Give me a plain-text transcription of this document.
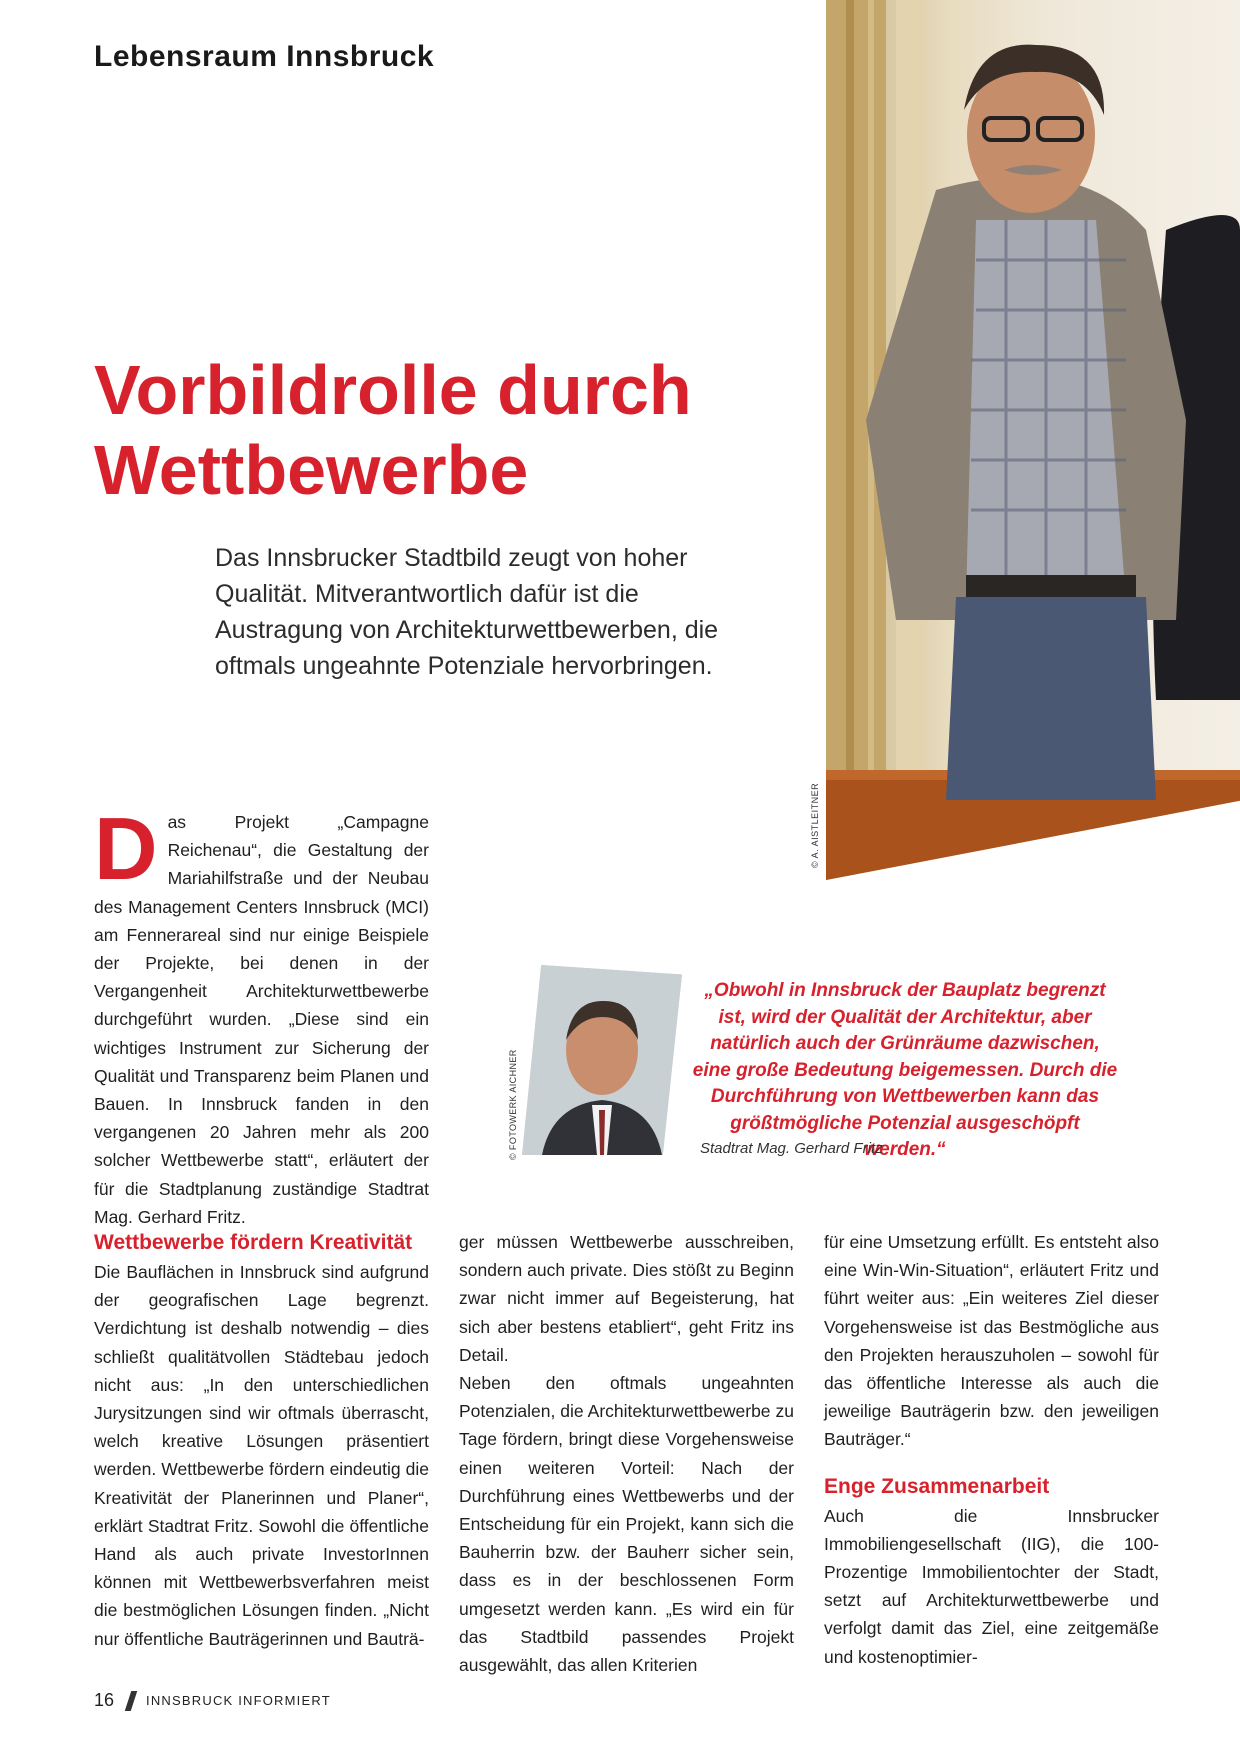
Lebensraum Innsbruck
Vorbildrolle durch
Wettbewerbe
Das Innsbrucker Stadtbild zeugt von hoher Qualität. Mitverantwortlich dafür ist die Austragung von Architekturwettbewerben, die oftmals ungeahnte Potenziale hervorbringen.
© A. AISTLEITNER
Das Projekt „Campagne Reichenau“, die Gestaltung der Mariahilfstraße und der Neubau des Management Centers Innsbruck (MCI) am Fennerareal sind nur einige Beispiele der Projekte, bei denen in der Vergangenheit Architekturwettbewerbe durchgeführt wurden. „Diese sind ein wichtiges Instrument zur Sicherung der Qualität und Transparenz beim Planen und Bauen. In Innsbruck fanden in den vergangenen 20 Jahren mehr als 200 solcher Wettbewerbe statt“, erläutert der für die Stadtplanung zuständige Stadtrat Mag. Gerhard Fritz.
© FOTOWERK AICHNER
„Obwohl in Innsbruck der Bauplatz begrenzt ist, wird der Qualität der Architektur, aber natürlich auch der Grünräume dazwischen, eine große Bedeutung beigemessen. Durch die Durchführung von Wettbewerben kann das größtmögliche Potenzial ausgeschöpft werden.“
Stadtrat Mag. Gerhard Fritz
Wettbewerbe fördern Kreativität

Die Bauflächen in Innsbruck sind aufgrund der geografischen Lage begrenzt. Verdichtung ist deshalb notwendig – dies schließt qualitätvollen Städtebau jedoch nicht aus: „In den unterschiedlichen Jurysitzungen sind wir oftmals überrascht, welch kreative Lösungen präsentiert werden. Wettbewerbe fördern eindeutig die Kreativität der Planerinnen und Planer“, erklärt Stadtrat Fritz. Sowohl die öffentliche Hand als auch private InvestorInnen können mit Wettbewerbsverfahren meist die bestmöglichen Lösungen finden. „Nicht nur öffentliche Bauträgerinnen und Bauträ-

ger müssen Wettbewerbe ausschreiben, sondern auch private. Dies stößt zu Beginn zwar nicht immer auf Begeisterung, hat sich aber bestens etabliert“, geht Fritz ins Detail.

Neben den oftmals ungeahnten Potenzialen, die Architekturwettbewerbe zu Tage fördern, bringt diese Vorgehensweise einen weiteren Vorteil: Nach der Durchführung eines Wettbewerbs und der Entscheidung für ein Projekt, kann sich die Bauherrin bzw. der Bauherr sicher sein, dass es in der beschlossenen Form umgesetzt werden kann. „Es wird ein für das Stadtbild passendes Projekt ausgewählt, das allen Kriterien

für eine Umsetzung erfüllt. Es entsteht also eine Win-Win-Situation“, erläutert Fritz und führt weiter aus: „Ein weiteres Ziel dieser Vorgehensweise ist das Bestmögliche aus den Projekten herauszuholen – sowohl für das öffentliche Interesse als auch die jeweilige Bauträgerin bzw. den jeweiligen Bauträger.“

Enge Zusammenarbeit

Auch die Innsbrucker Immobiliengesellschaft (IIG), die 100-Prozentige Immobilientochter der Stadt, setzt auf Architekturwettbewerbe und verfolgt damit das Ziel, eine zeitgemäße und kostenoptimier-

16 INNSBRUCK INFORMIERT
